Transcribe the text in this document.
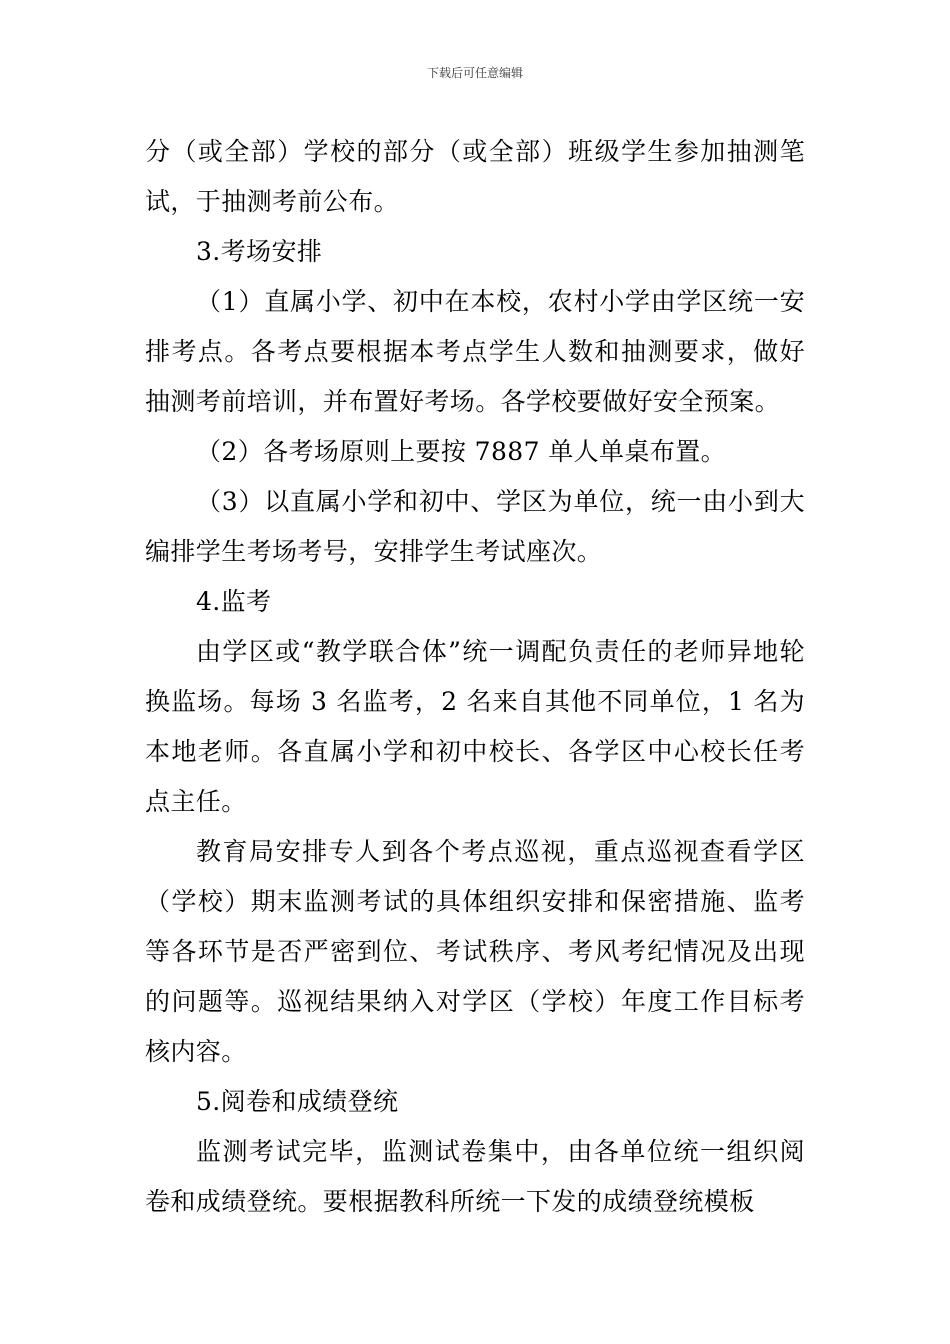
下载后可任意编辑

分（或全部）学校的部分（或全部）班级学生参加抽测笔试，于抽测考前公布。

3.考场安排

（1）直属小学、初中在本校，农村小学由学区统一安排考点。各考点要根据本考点学生人数和抽测要求，做好抽测考前培训，并布置好考场。各学校要做好安全预案。

（2）各考场原则上要按 7887 单人单桌布置。

（3）以直属小学和初中、学区为单位，统一由小到大编排学生考场考号，安排学生考试座次。

4.监考

由学区或“教学联合体”统一调配负责任的老师异地轮换监场。每场 3 名监考，2 名来自其他不同单位，1 名为本地老师。各直属小学和初中校长、各学区中心校长任考点主任。

教育局安排专人到各个考点巡视，重点巡视查看学区（学校）期末监测考试的具体组织安排和保密措施、监考等各环节是否严密到位、考试秩序、考风考纪情况及出现的问题等。巡视结果纳入对学区（学校）年度工作目标考核内容。

5.阅卷和成绩登统

监测考试完毕，监测试卷集中，由各单位统一组织阅卷和成绩登统。要根据教科所统一下发的成绩登统模板
